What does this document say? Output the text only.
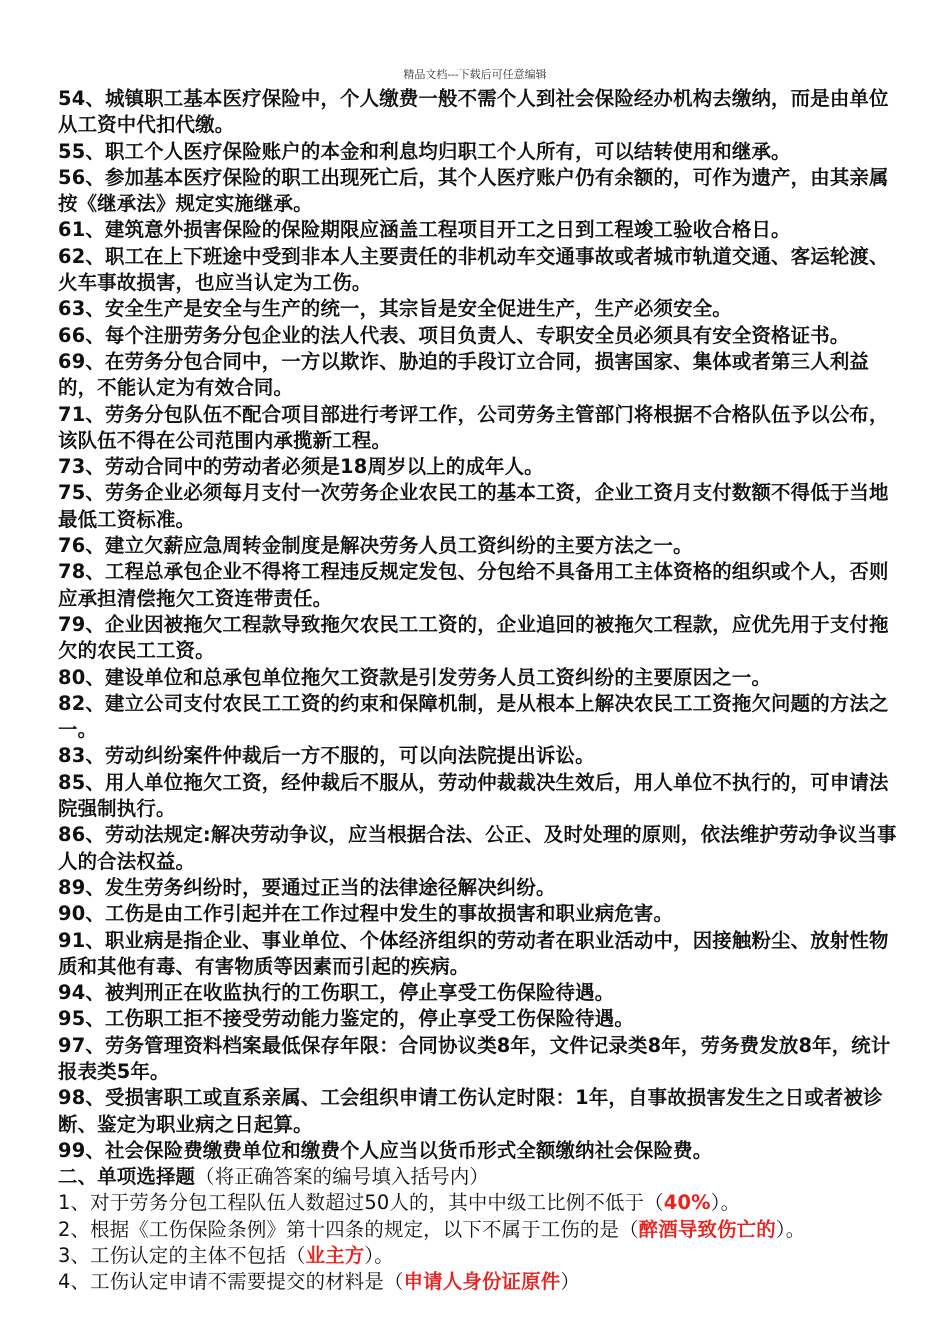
精品文档---下载后可任意编辑

54、城镇职工基本医疗保险中，个人缴费一般不需个人到社会保险经办机构去缴纳，而是由单位从工资中代扣代缴。

55、职工个人医疗保险账户的本金和利息均归职工个人所有，可以结转使用和继承。

56、参加基本医疗保险的职工出现死亡后，其个人医疗账户仍有余额的，可作为遗产，由其亲属按《继承法》规定实施继承。

61、建筑意外损害保险的保险期限应涵盖工程项目开工之日到工程竣工验收合格日。

62、职工在上下班途中受到非本人主要责任的非机动车交通事故或者城市轨道交通、客运轮渡、火车事故损害，也应当认定为工伤。

63、安全生产是安全与生产的统一，其宗旨是安全促进生产，生产必须安全。

66、每个注册劳务分包企业的法人代表、项目负责人、专职安全员必须具有安全资格证书。

69、在劳务分包合同中，一方以欺诈、胁迫的手段订立合同，损害国家、集体或者第三人利益的，不能认定为有效合同。

71、劳务分包队伍不配合项目部进行考评工作，公司劳务主管部门将根据不合格队伍予以公布，该队伍不得在公司范围内承揽新工程。

73、劳动合同中的劳动者必须是18周岁以上的成年人。

75、劳务企业必须每月支付一次劳务企业农民工的基本工资，企业工资月支付数额不得低于当地最低工资标准。

76、建立欠薪应急周转金制度是解决劳务人员工资纠纷的主要方法之一。

78、工程总承包企业不得将工程违反规定发包、分包给不具备用工主体资格的组织或个人，否则应承担清偿拖欠工资连带责任。

79、企业因被拖欠工程款导致拖欠农民工工资的，企业追回的被拖欠工程款，应优先用于支付拖欠的农民工工资。

80、建设单位和总承包单位拖欠工资款是引发劳务人员工资纠纷的主要原因之一。

82、建立公司支付农民工工资的约束和保障机制，是从根本上解决农民工工资拖欠问题的方法之一。

83、劳动纠纷案件仲裁后一方不服的，可以向法院提出诉讼。

85、用人单位拖欠工资，经仲裁后不服从，劳动仲裁裁决生效后，用人单位不执行的，可申请法院强制执行。

86、劳动法规定:解决劳动争议，应当根据合法、公正、及时处理的原则，依法维护劳动争议当事人的合法权益。

89、发生劳务纠纷时，要通过正当的法律途径解决纠纷。

90、工伤是由工作引起并在工作过程中发生的事故损害和职业病危害。

91、职业病是指企业、事业单位、个体经济组织的劳动者在职业活动中，因接触粉尘、放射性物质和其他有毒、有害物质等因素而引起的疾病。

94、被判刑正在收监执行的工伤职工，停止享受工伤保险待遇。

95、工伤职工拒不接受劳动能力鉴定的，停止享受工伤保险待遇。

97、劳务管理资料档案最低保存年限：合同协议类8年，文件记录类8年，劳务费发放8年，统计报表类5年。

98、受损害职工或直系亲属、工会组织申请工伤认定时限：1年，自事故损害发生之日或者被诊断、鉴定为职业病之日起算。

99、社会保险费缴费单位和缴费个人应当以货币形式全额缴纳社会保险费。

二、单项选择题（将正确答案的编号填入括号内）

1、对于劳务分包工程队伍人数超过50人的，其中中级工比例不低于（40%）。

2、根据《工伤保险条例》第十四条的规定，以下不属于工伤的是（醉酒导致伤亡的）。

3、工伤认定的主体不包括（业主方）。

4、工伤认定申请不需要提交的材料是（申请人身份证原件）
